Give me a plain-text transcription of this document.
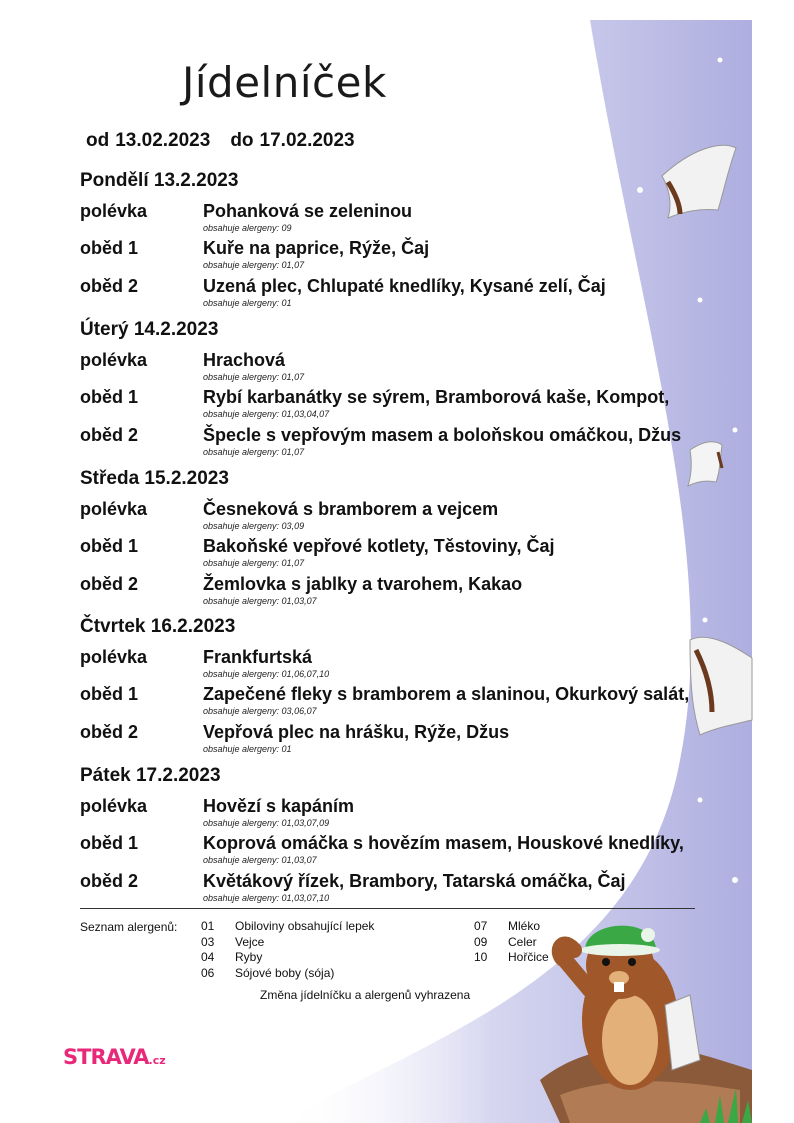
Jídelníček
od 13.02.2023 do 17.02.2023
Pondělí 13.2.2023
polévka	Pohanková se zeleninou
obsahuje alergeny: 09
oběd 1	Kuře na paprice, Rýže, Čaj
obsahuje alergeny: 01,07
oběd 2	Uzená plec, Chlupaté knedlíky, Kysané zelí, Čaj
obsahuje alergeny: 01
Úterý 14.2.2023
polévka	Hrachová
obsahuje alergeny: 01,07
oběd 1	Rybí karbanátky se sýrem, Bramborová kaše, Kompot,
obsahuje alergeny: 01,03,04,07
oběd 2	Špecle s vepřovým masem a boloňskou omáčkou, Džus
obsahuje alergeny: 01,07
Středa 15.2.2023
polévka	Česneková s bramborem a vejcem
obsahuje alergeny: 03,09
oběd 1	Bakoňské vepřové kotlety, Těstoviny, Čaj
obsahuje alergeny: 01,07
oběd 2	Žemlovka s jablky a tvarohem, Kakao
obsahuje alergeny: 01,03,07
Čtvrtek 16.2.2023
polévka	Frankfurtská
obsahuje alergeny: 01,06,07,10
oběd 1	Zapečené fleky s bramborem a slaninou, Okurkový salát,
obsahuje alergeny: 03,06,07
oběd 2	Vepřová plec na hrášku, Rýže, Džus
obsahuje alergeny: 01
Pátek 17.2.2023
polévka	Hovězí s kapáním
obsahuje alergeny: 01,03,07,09
oběd 1	Koprová omáčka s hovězím masem, Houskové knedlíky,
obsahuje alergeny: 01,03,07
oběd 2	Květákový řízek, Brambory, Tatarská omáčka, Čaj
obsahuje alergeny: 01,03,07,10
Seznam alergenů: 01 Obiloviny obsahující lepek
03 Vejce
04 Ryby
06 Sójové boby (sója)
07 Mléko
09 Celer
10 Hořčice
Změna jídelníčku a alergenů vyhrazena
STRAVA.cz
